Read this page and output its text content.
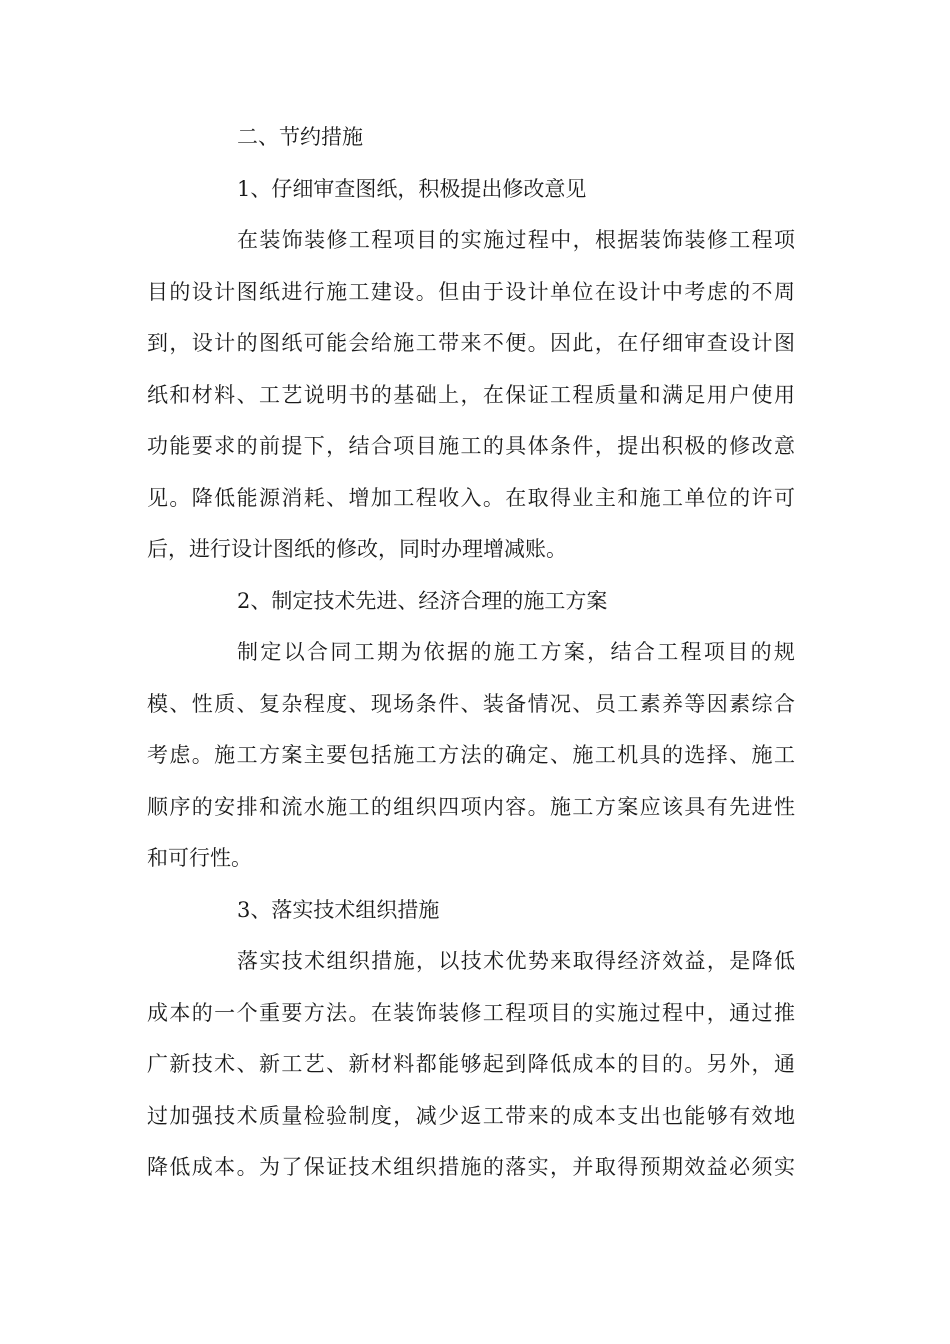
二、节约措施
1、仔细审查图纸，积极提出修改意见
在 装 饰 装 修 工 程 项 目 的 实 施 过 程 中 ， 根 据 装 饰 装 修 工 程 项
目 的 设 计 图 纸 进 行 施 工 建 设 。 但 由 于 设 计 单 位 在 设 计 中 考 虑 的 不 周
到 ， 设 计 的 图 纸 可 能 会 给 施 工 带 来 不 便 。 因 此 ， 在 仔 细 审 查 设 计 图
纸 和 材 料 、 工 艺 说 明 书 的 基 础 上 ， 在 保 证 工 程 质 量 和 满 足 用 户 使 用
功 能 要 求 的 前 提 下 ， 结 合 项 目 施 工 的 具 体 条 件 ， 提 出 积 极 的 修 改 意
见 。 降 低 能 源 消 耗 、 增 加 工 程 收 入 。 在 取 得 业 主 和 施 工 单 位 的 许 可
后，进行设计图纸的修改，同时办理增减账。
2、制定技术先进、经济合理的施工方案
制 定 以 合 同 工 期 为 依 据 的 施 工 方 案 ， 结 合 工 程 项 目 的 规
模 、 性 质 、 复 杂 程 度 、 现 场 条 件 、 装 备 情 况 、 员 工 素 养 等 因 素 综 合
考 虑 。 施 工 方 案 主 要 包 括 施 工 方 法 的 确 定 、 施 工 机 具 的 选 择 、 施 工
顺 序 的 安 排 和 流 水 施 工 的 组 织 四 项 内 容 。 施 工 方 案 应 该 具 有 先 进 性
和可行性。
3、落实技术组织措施
落 实 技 术 组 织 措 施 ， 以 技 术 优 势 来 取 得 经 济 效 益 ， 是 降 低
成 本 的 一 个 重 要 方 法 。 在 装 饰 装 修 工 程 项 目 的 实 施 过 程 中 ， 通 过 推
广 新 技 术 、 新 工 艺 、 新 材 料 都 能 够 起 到 降 低 成 本 的 目 的 。 另 外 ， 通
过 加 强 技 术 质 量 检 验 制 度 ， 减 少 返 工 带 来 的 成 本 支 出 也 能 够 有 效 地
降 低 成 本 。 为 了 保 证 技 术 组 织 措 施 的 落 实 ， 并 取 得 预 期 效 益 必 须 实
